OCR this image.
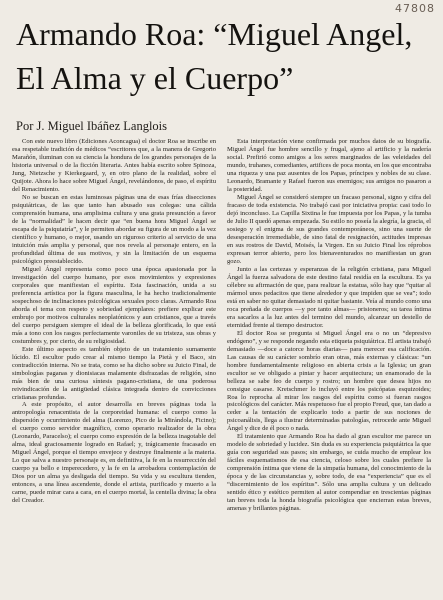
47808
Armando Roa: “Miguel Angel,
El Alma y el Cuerpo”
Por J. Miguel Ibáñez Langlois

Con este nuevo libro (Ediciones Aconcagua) el doctor Roa se inscribe en esa respetable tradición de médicos “escritores que, a la manera de Gregorio Marañón, iluminan con su ciencia la hondura de los grandes personajes de la historia universal o de la ficción literaria. Antes había escrito sobre Spinoza, Jung, Nietzsche y Kierkegaard, y, en otro plano de la realidad, sobre el Quijote. Ahora lo hace sobre Miguel Ángel, revelándonos, de paso, el espíritu del Renacimiento.

No se buscan en estas luminosas páginas una de esas frías disecciones psiquiátricas, de las que tanto han abusado sus colegas: una cálida comprensión humana, una amplisima cultura y una grata presunción a favor de la “normalidad” le hacen decir que “en buena hora Miguel Ángel se escapa de la psiquiatría”, y le permiten abordar su figura de un modo a la vez científico y humano, o mejor, usando un riguroso criterio al servicio de una intuición más amplia y personal, que nos revela al personaje entero, en la profundidad última de sus motivos, y sin la limitación de un esquema psicológico preestablecido.

Miguel Ángel representa como poco una época apasionada por la investigación del cuerpo humano, por esos movimientos y expresiones corporales que manifiestan el espíritu. Esta fascinación, unida a su preferencia artística por la figura masculina, le ha hecho tradicionalmente sospechoso de inclinaciones psicológicas sexuales poco claras. Armando Roa aborda el tema con respeto y sobriedad ejemplares: prefiere explicar este embrujo por motivos culturales neoplatónicos y aun cristianos, que a través del cuerpo persiguen siempre el ideal de la belleza glorificada, lo que está más a tono con los rasgos perfectamente varoniles de su tristeza, sus obras y costumbres y, por cierto, de su religiosidad.

Este último aspecto es también objeto de un tratamiento sumamente lúcido. El escultor pudo crear al mismo tiempo la Pietà y el Baco, sin contradicción interna. No se trata, como se ha dicho sobre su Juicio Final, de simbologías paganas y dionisiacas malamente disfrazadas de religión, sino más bien de una curiosa síntesis pagano-cristiana, de una poderosa reivindicación de la antigüedad clásica integrada dentro de convicciones cristianas profundas.

A este propósito, el autor desarrolla en breves páginas toda la antropología renacentista de la corporeidad humana: el cuerpo como la dispersión y ocurrimiento del alma (Lorenzo, Pico de la Mirándola, Ficino); el cuerpo como servidor magnífico, como operario realizador de la obra (Leonardo, Paracelso); el cuerpo como expresión de la belleza inagotable del alma, ideal graciosamente logrado en Rafael; y, trágicamente fracasado en Miguel Ángel, porque el tiempo envejece y destruye finalmente a la materia. Lo que salva a nuestro personaje es, en definitiva, la fe en la resurrección del cuerpo ya bello e imperecedero, y la fe en la arrobadora contemplación de Dios por un alma ya desligada del tiempo. Su vida y su escultura tienden, entonces, a una línea ascendente, donde el artista, purificado y muerto a la carne, puede mirar cara a cara, en el cuerpo mortal, la centella divina; la obra del Creador.

Esta interpretación viene confirmada por muchos datos de su biografía. Miguel Ángel fue hombre sencillo y frugal, ajeno al artificio y la nadería social. Prefirió como amigos a los seres marginados de las veleidades del mundo, truhanes, comediantes, artifices de poca monta, en los que encontraba una riqueza y una paz ausentes de los Papas, príncipes y nobles de su clase. Leonardo, Bramante y Rafael fueron sus enemigos; sus amigos no pasaron a la posteridad.

Miguel Ángel se consideró siempre un fracaso personal, signo y cifra del fracaso de toda existencia. No trabajó casi por iniciativa propia: casi todo lo dejó inconcluso. La Capilla Sixtina le fue impuesta por los Papas, y la tumba de Julio II quedó apenas empezada. Su estilo no poseía la alegría, la gracia, el sosiego y el enigma de sus grandes contemporáneos, sino una suerte de desesperación irremediable, de sino fatal de resignación, actitudes impresas en sus rostros de David, Moisés, la Virgen. En su Juicio Final los réprobos expresan terror abierto, pero los bienaventurados no manifiestan un gran gozo.

Junto a las certezas y esperanzas de la religión cristiana, para Miguel Ángel la fuerza salvadora de este destino fatal residía en la escultura. Es ya célebre su afirmación de que, para realizar la estatua, sólo hay que “quitar al mármol unos pedacitos que tiene alrededor y que impiden que se vea”; todo está en saber no quitar demasiado ni quitar bastante. Veía al mundo como una roca preñada de cuerpos —y por tanto almas— prisioneros; su tarea íntima era sacarlos a la luz antes del termino del mundo, alcanzar un destello de eternidad frente al tiempo destructor.

El doctor Roa se pregunta si Miguel Ángel era o no un “depresivo endógeno”, y se responde negando esta etiqueta psiquiátrica. El artista trabajó demasiado —doce a catorce horas diarias— para merecer esa calificación. Las causas de su carácter sombrío eran otras, más externas y clásicas: “un hombre fundamentalmente religioso en abierta crisis a la Iglesia; un gran escultor se ve obligado a pintar y hacer arquitectura; un enamorado de la belleza se sabe feo de cuerpo y rostro; un hombre que desea hijos no consigue casarse. Kretschmer lo incluyó entre los psicópatas esquizoides; Roa lo reprocha al mirar los rasgos del espíritu como si fueran rasgos psicológicos del carácter. Más respetuoso fue el propio Freud, que, tan dado a ceder a la tentación de explicarlo todo a partir de sus nociones de psicoanálisis, llega a ilustrar determinadas patologías, retrocede ante Miguel Ángel y dice de él poco o nada.

El tratamiento que Armando Roa ha dado al gran escultor me parece un modelo de sobriedad y lucidez. Sin duda es su experiencia psiquiátrica la que guía con seguridad sus pasos; sin embargo, se cuida mucho de emplear los fáciles esquematismos de esa ciencia, celoso sobre los cuales prefiere la comprensión íntima que viene de la simpatía humana, del conocimiento de la época y de las circunstancias y, sobre todo, de esa “experiencia” que es el “discernimiento de los espíritus”. Sólo una amplia cultura y un delicado sentido ético y estético permiten al autor compendiar en trescientas páginas tan breves toda la honda biografía psicológica que encierran estas breves, amenas y brillantes páginas.
